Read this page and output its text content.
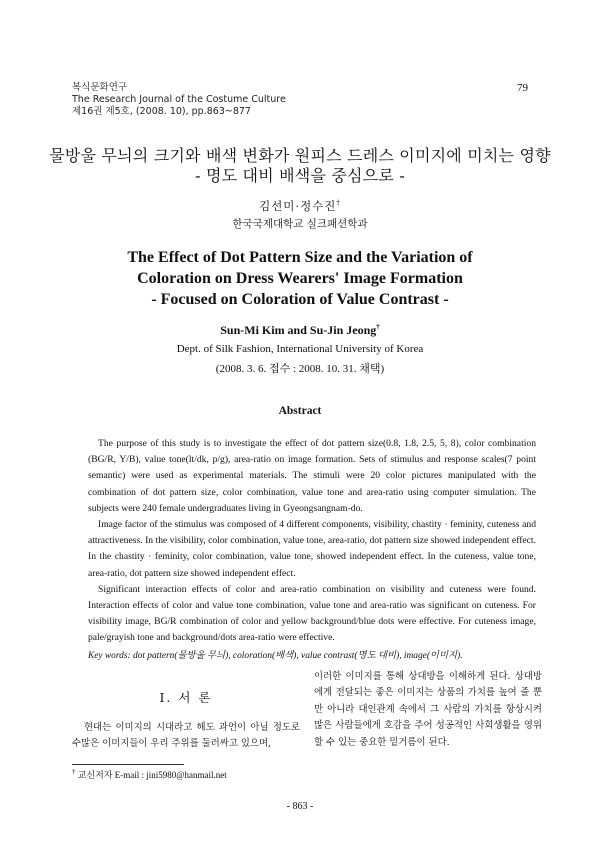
복식문화연구
The Research Journal of the Costume Culture
제16권 제5호, (2008. 10), pp.863~877
79
물방울 무늬의 크기와 배색 변화가 원피스 드레스 이미지에 미치는 영향
- 명도 대비 배색을 중심으로 -
김선미·정수진†
한국국제대학교 실크패션학과
The Effect of Dot Pattern Size and the Variation of
Coloration on Dress Wearers' Image Formation
- Focused on Coloration of Value Contrast -
Sun-Mi Kim and Su-Jin Jeong†
Dept. of Silk Fashion, International University of Korea
(2008. 3. 6. 접수 : 2008. 10. 31. 채택)
Abstract

The purpose of this study is to investigate the effect of dot pattern size(0.8, 1.8, 2.5, 5, 8), color combination (BG/R, Y/B), value tone(lt/dk, p/g), area-ratio on image formation. Sets of stimulus and response scales(7 point semantic) were used as experimental materials. The stimuli were 20 color pictures manipulated with the combination of dot pattern size, color combination, value tone and area-ratio using computer simulation. The subjects were 240 female undergraduates living in Gyeongsangnam-do.

Image factor of the stimulus was composed of 4 different components, visibility, chastity · feminity, cuteness and attractiveness. In the visibility, color combination, value tone, area-ratio, dot pattern size showed independent effect. In the chastity · feminity, color combination, value tone, showed independent effect. In the cuteness, value tone, area-ratio, dot pattern size showed independent effect.

Significant interaction effects of color and area-ratio combination on visibility and cuteness were found. Interaction effects of color and value tone combination, value tone and area-ratio was significant on cuteness. For visibility image, BG/R combination of color and yellow background/blue dots were effective. For cuteness image, pale/grayish tone and background/dots area-ratio were effective.

Key words: dot pattern(물방울 무늬), coloration(배색), value contrast(명도 대비), image(이미지).
Ⅰ. 서 론

현대는 이미지의 시대라고 해도 과언이 아닐 정도로 수많은 이미지들이 우리 주위를 둘러싸고 있으며,

이러한 이미지를 통해 상대방을 이해하게 된다. 상대방에게 전달되는 좋은 이미지는 상품의 가치를 높여 줄 뿐만 아니라 대인관계 속에서 그 사람의 가치를 항상시켜 많은 사람들에게 호감을 주어 성공적인 사회생활을 영위할 수 있는 중요한 밑거름이 된다.

† 교신저자 E-mail : jini5980@hanmail.net
- 863 -
